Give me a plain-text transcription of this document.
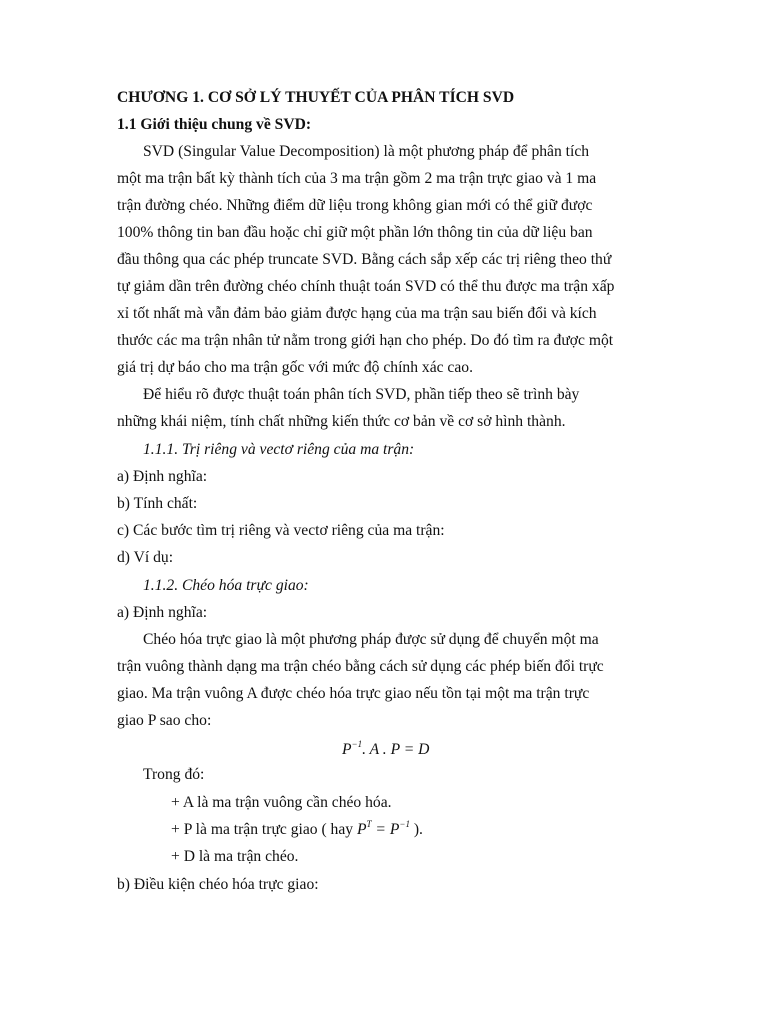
CHƯƠNG 1. CƠ SỞ LÝ THUYẾT CỦA PHÂN TÍCH SVD
1.1 Giới thiệu chung về SVD:
SVD (Singular Value Decomposition) là một phương pháp để phân tích
một ma trận bất kỳ thành tích của 3 ma trận gồm 2 ma trận trực giao và 1 ma
trận đường chéo. Những điểm dữ liệu trong không gian mới có thể giữ được
100% thông tin ban đầu hoặc chỉ giữ một phần lớn thông tin của dữ liệu ban
đầu thông qua các phép truncate SVD. Bằng cách sắp xếp các trị riêng theo thứ
tự giảm dần trên đường chéo chính thuật toán SVD có thể thu được ma trận xấp
xỉ tốt nhất mà vẫn đảm bảo giảm được hạng của ma trận sau biến đổi và kích
thước các ma trận nhân tử nằm trong giới hạn cho phép. Do đó tìm ra được một
giá trị dự báo cho ma trận gốc với mức độ chính xác cao.
Để hiểu rõ được thuật toán phân tích SVD, phần tiếp theo sẽ trình bày
những khái niệm, tính chất những kiến thức cơ bản về cơ sở hình thành.
1.1.1. Trị riêng và vectơ riêng của ma trận:
a) Định nghĩa:
b) Tính chất:
c) Các bước tìm trị riêng và vectơ riêng của ma trận:
d) Ví dụ:
1.1.2. Chéo hóa trực giao:
a) Định nghĩa:
Chéo hóa trực giao là một phương pháp được sử dụng để chuyển một ma
trận vuông thành dạng ma trận chéo bằng cách sử dụng các phép biến đổi trực
giao. Ma trận vuông A được chéo hóa trực giao nếu tồn tại một ma trận trực
giao P sao cho:
$P^{-1}$. A . P = D
Trong đó:
+ A là ma trận vuông cần chéo hóa.
+ P là ma trận trực giao ( hay $P^T = P^{-1}$ ).
+ D là ma trận chéo.
b) Điều kiện chéo hóa trực giao:
